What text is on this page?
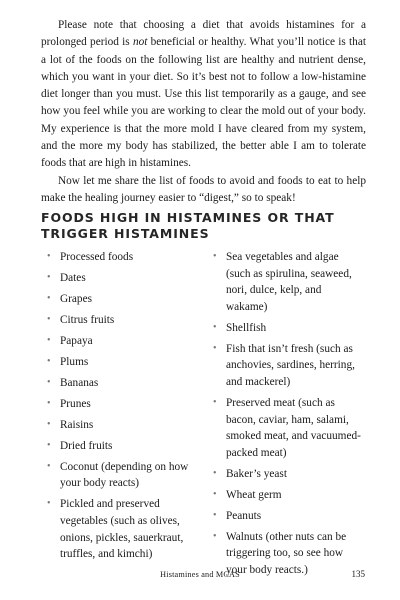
Please note that choosing a diet that avoids histamines for a prolonged period is not beneficial or healthy. What you’ll notice is that a lot of the foods on the following list are healthy and nutrient dense, which you want in your diet. So it’s best not to follow a low-histamine diet longer than you must. Use this list temporarily as a gauge, and see how you feel while you are working to clear the mold out of your body. My experience is that the more mold I have cleared from my system, and the more my body has stabilized, the better able I am to tolerate foods that are high in histamines.

Now let me share the list of foods to avoid and foods to eat to help make the healing journey easier to “digest,” so to speak!

FOODS HIGH IN HISTAMINES OR THAT TRIGGER HISTAMINES
• Processed foods
• Dates
• Grapes
• Citrus fruits
• Papaya
• Plums
• Bananas
• Prunes
• Raisins
• Dried fruits
• Coconut (depending on how your body reacts)
• Pickled and preserved vegetables (such as olives, onions, pickles, sauerkraut, truffles, and kimchi)
• Sea vegetables and algae (such as spirulina, seaweed, nori, dulce, kelp, and wakame)
• Shellfish
• Fish that isn’t fresh (such as anchovies, sardines, herring, and mackerel)
• Preserved meat (such as bacon, caviar, ham, salami, smoked meat, and vacuumed-packed meat)
• Baker’s yeast
• Wheat germ
• Peanuts
• Walnuts (other nuts can be triggering too, so see how your body reacts.)
Histamines and MCAS	135
